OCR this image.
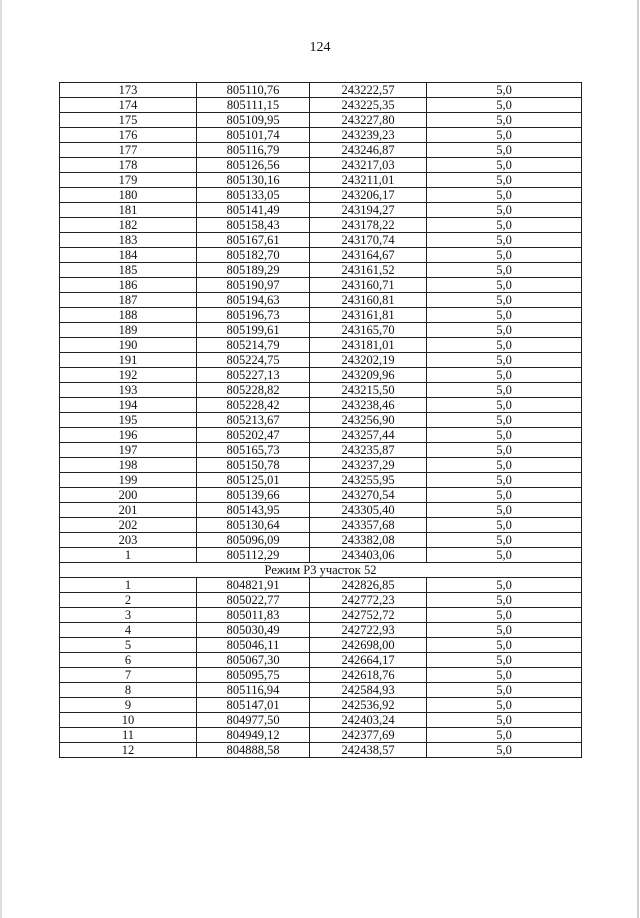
124
173	805110,76	243222,57	5,0
174	805111,15	243225,35	5,0
175	805109,95	243227,80	5,0
176	805101,74	243239,23	5,0
177	805116,79	243246,87	5,0
178	805126,56	243217,03	5,0
179	805130,16	243211,01	5,0
180	805133,05	243206,17	5,0
181	805141,49	243194,27	5,0
182	805158,43	243178,22	5,0
183	805167,61	243170,74	5,0
184	805182,70	243164,67	5,0
185	805189,29	243161,52	5,0
186	805190,97	243160,71	5,0
187	805194,63	243160,81	5,0
188	805196,73	243161,81	5,0
189	805199,61	243165,70	5,0
190	805214,79	243181,01	5,0
191	805224,75	243202,19	5,0
192	805227,13	243209,96	5,0
193	805228,82	243215,50	5,0
194	805228,42	243238,46	5,0
195	805213,67	243256,90	5,0
196	805202,47	243257,44	5,0
197	805165,73	243235,87	5,0
198	805150,78	243237,29	5,0
199	805125,01	243255,95	5,0
200	805139,66	243270,54	5,0
201	805143,95	243305,40	5,0
202	805130,64	243357,68	5,0
203	805096,09	243382,08	5,0
1	805112,29	243403,06	5,0
Режим Р3 участок 52			
1	804821,91	242826,85	5,0
2	805022,77	242772,23	5,0
3	805011,83	242752,72	5,0
4	805030,49	242722,93	5,0
5	805046,11	242698,00	5,0
6	805067,30	242664,17	5,0
7	805095,75	242618,76	5,0
8	805116,94	242584,93	5,0
9	805147,01	242536,92	5,0
10	804977,50	242403,24	5,0
11	804949,12	242377,69	5,0
12	804888,58	242438,57	5,0
